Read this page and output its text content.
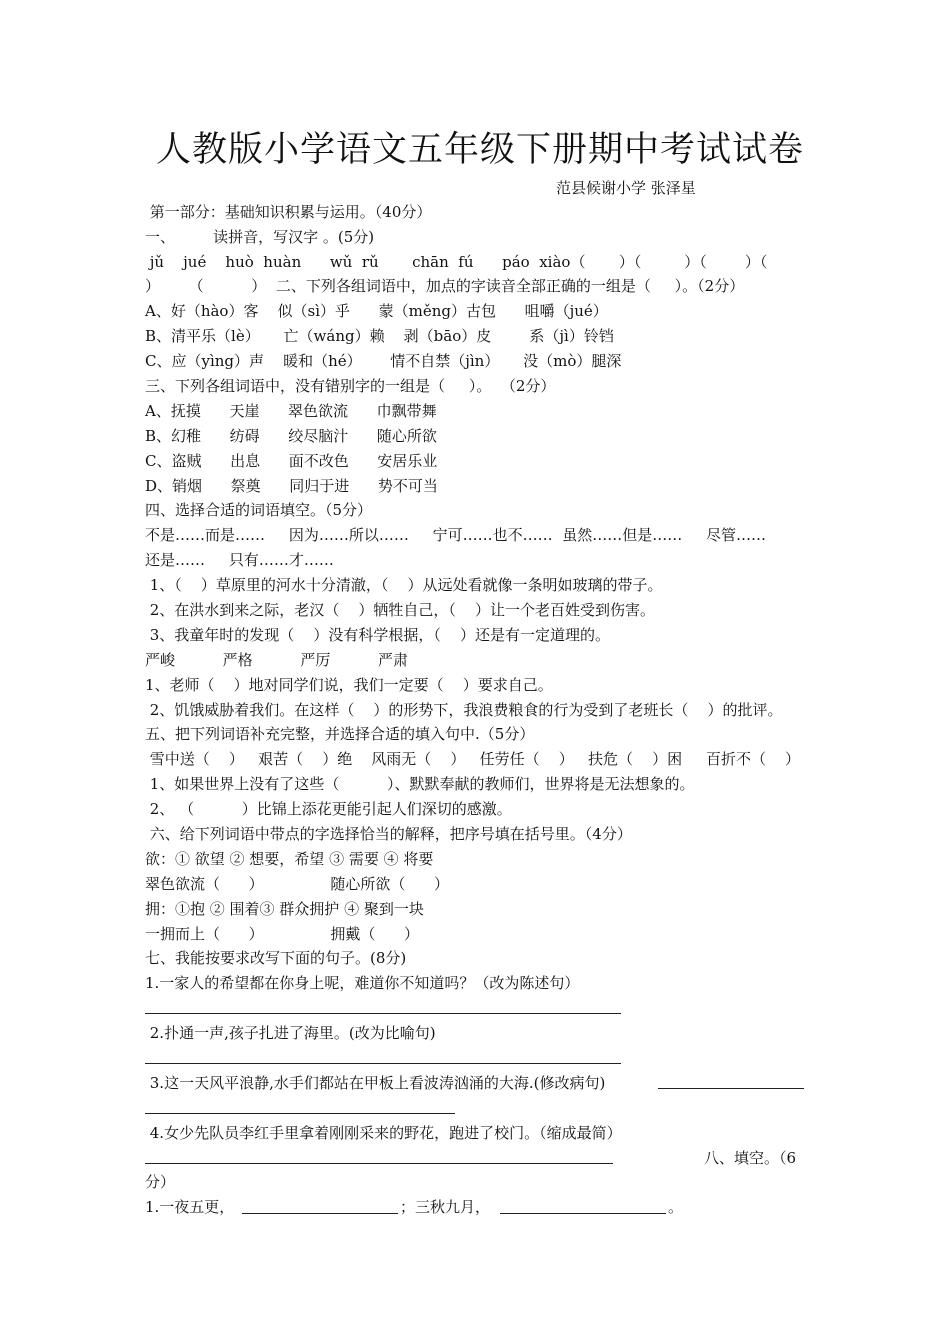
人教版小学语文五年级下册期中考试试卷
范县候谢小学 张泽星
第一部分：基础知识积累与运用。（40分）
一、        读拼音，写汉字 。(5分)
jǔ    jué    huò  huàn      wǔ  rǔ       chān  fú      páo  xiào（       ）（         ）（        ）（
）      （          ）  二、下列各组词语中，加点的字读音全部正确的一组是（     ）。（2分）
A、好（hào）客    似（sì）乎      蒙（měng）古包      咀嚼（jué）
B、清平乐（lè）     亡（wáng）赖    剥（bāo）皮        系（jì）铃铛
C、应（yìng）声    暖和（hé）      情不自禁（jìn）     没（mò）腿深
三、下列各组词语中，没有错别字的一组是（     ）。  （2分）
A、抚摸      天崖      翠色欲流      巾飘带舞
B、幻稚      纺碍      绞尽脑汁      随心所欲
C、盗贼      出息      面不改色      安居乐业
D、销烟      祭奠      同归于进      势不可当
四、选择合适的词语填空。（5分）
不是……而是……     因为……所以……     宁可……也不……  虽然……但是……     尽管……
还是……     只有……才……
1、（    ）草原里的河水十分清澈，（    ）从远处看就像一条明如玻璃的带子。
2、在洪水到来之际，老汉（    ）牺牲自己，（    ）让一个老百姓受到伤害。
3、我童年时的发现（    ）没有科学根据，（    ）还是有一定道理的。
严峻          严格          严厉          严肃
1、老师（    ）地对同学们说，我们一定要（    ）要求自己。
2、饥饿威胁着我们。在这样（    ）的形势下，我浪费粮食的行为受到了老班长（    ）的批评。
五、把下列词语补充完整，并选择合适的填入句中.（5分）
雪中送（    ）   艰苦（    ）绝    风雨无（    ）   任劳任（    ）   扶危（    ）困     百折不（    ）
1、如果世界上没有了这些（          ）、默默奉献的教师们，世界将是无法想象的。
2、 （          ）比锦上添花更能引起人们深切的感激。
六、给下列词语中带点的字选择恰当的解释，把序号填在括号里。（4分）
欲：① 欲望 ② 想要，希望 ③ 需要 ④ 将要
翠色欲流（      ）              随心所欲（      ）
拥：①抱 ② 围着③ 群众拥护 ④ 聚到一块
一拥而上（      ）              拥戴（      ）
七、我能按要求改写下面的句子。(8分)
1.一家人的希望都在你身上呢，难道你不知道吗？（改为陈述句）
2.扑通一声,孩子扎进了海里。(改为比喻句)
3.这一天风平浪静,水手们都站在甲板上看波涛汹涌的大海.(修改病句)
4.女少先队员李红手里拿着刚刚采来的野花，跑进了校门。（缩成最简）
八、填空。（6
分）
1.一夜五更，	；三秋九月，	。
